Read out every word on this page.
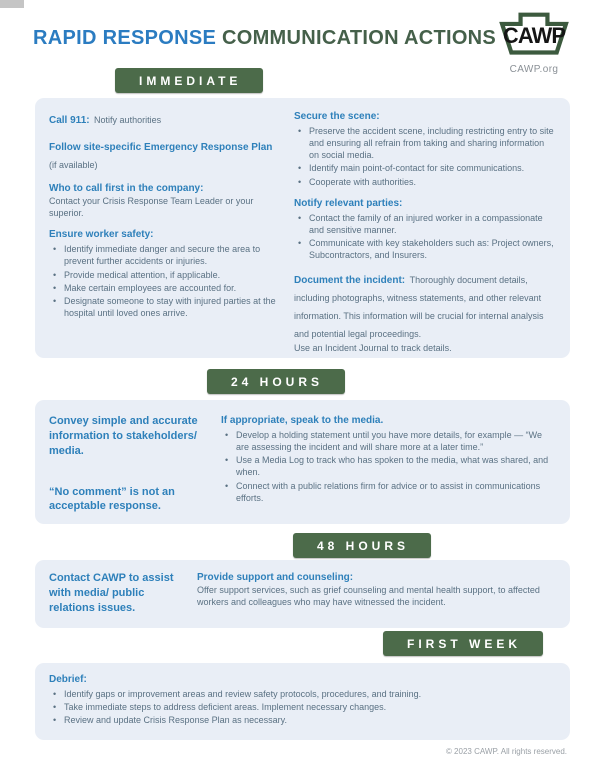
RAPID RESPONSE COMMUNICATION ACTIONS CAWP
CAWP.org
IMMEDIATE
Call 911: Notify authorities
Follow site-specific Emergency Response Plan (if available)
Who to call first in the company:
Contact your Crisis Response Team Leader or your superior.
Ensure worker safety:
• Identify immediate danger and secure the area to prevent further accidents or injuries.
• Provide medical attention, if applicable.
• Make certain employees are accounted for.
• Designate someone to stay with injured parties at the hospital until loved ones arrive.
Secure the scene:
• Preserve the accident scene, including restricting entry to site and ensuring all refrain from taking and sharing information on social media.
• Identify main point-of-contact for site communications.
• Cooperate with authorities.
Notify relevant parties:
• Contact the family of an injured worker in a compassionate and sensitive manner.
• Communicate with key stakeholders such as: Project owners, Subcontractors, and Insurers.
Document the incident: Thoroughly document details, including photographs, witness statements, and other relevant information. This information will be crucial for internal analysis and potential legal proceedings.
Use an Incident Journal to track details.
24 HOURS
Convey simple and accurate information to stakeholders/ media.
“No comment” is not an acceptable response.
If appropriate, speak to the media.
• Develop a holding statement until you have more details, for example — “We are assessing the incident and will share more at a later time.”
• Use a Media Log to track who has spoken to the media, what was shared, and when.
• Connect with a public relations firm for advice or to assist in communications efforts.
48 HOURS
Contact CAWP to assist with media/ public relations issues.
Provide support and counseling:
Offer support services, such as grief counseling and mental health support, to affected workers and colleagues who may have witnessed the incident.
FIRST WEEK
Debrief:
• Identify gaps or improvement areas and review safety protocols, procedures, and training.
• Take immediate steps to address deficient areas. Implement necessary changes.
• Review and update Crisis Response Plan as necessary.
© 2023 CAWP. All rights reserved.
